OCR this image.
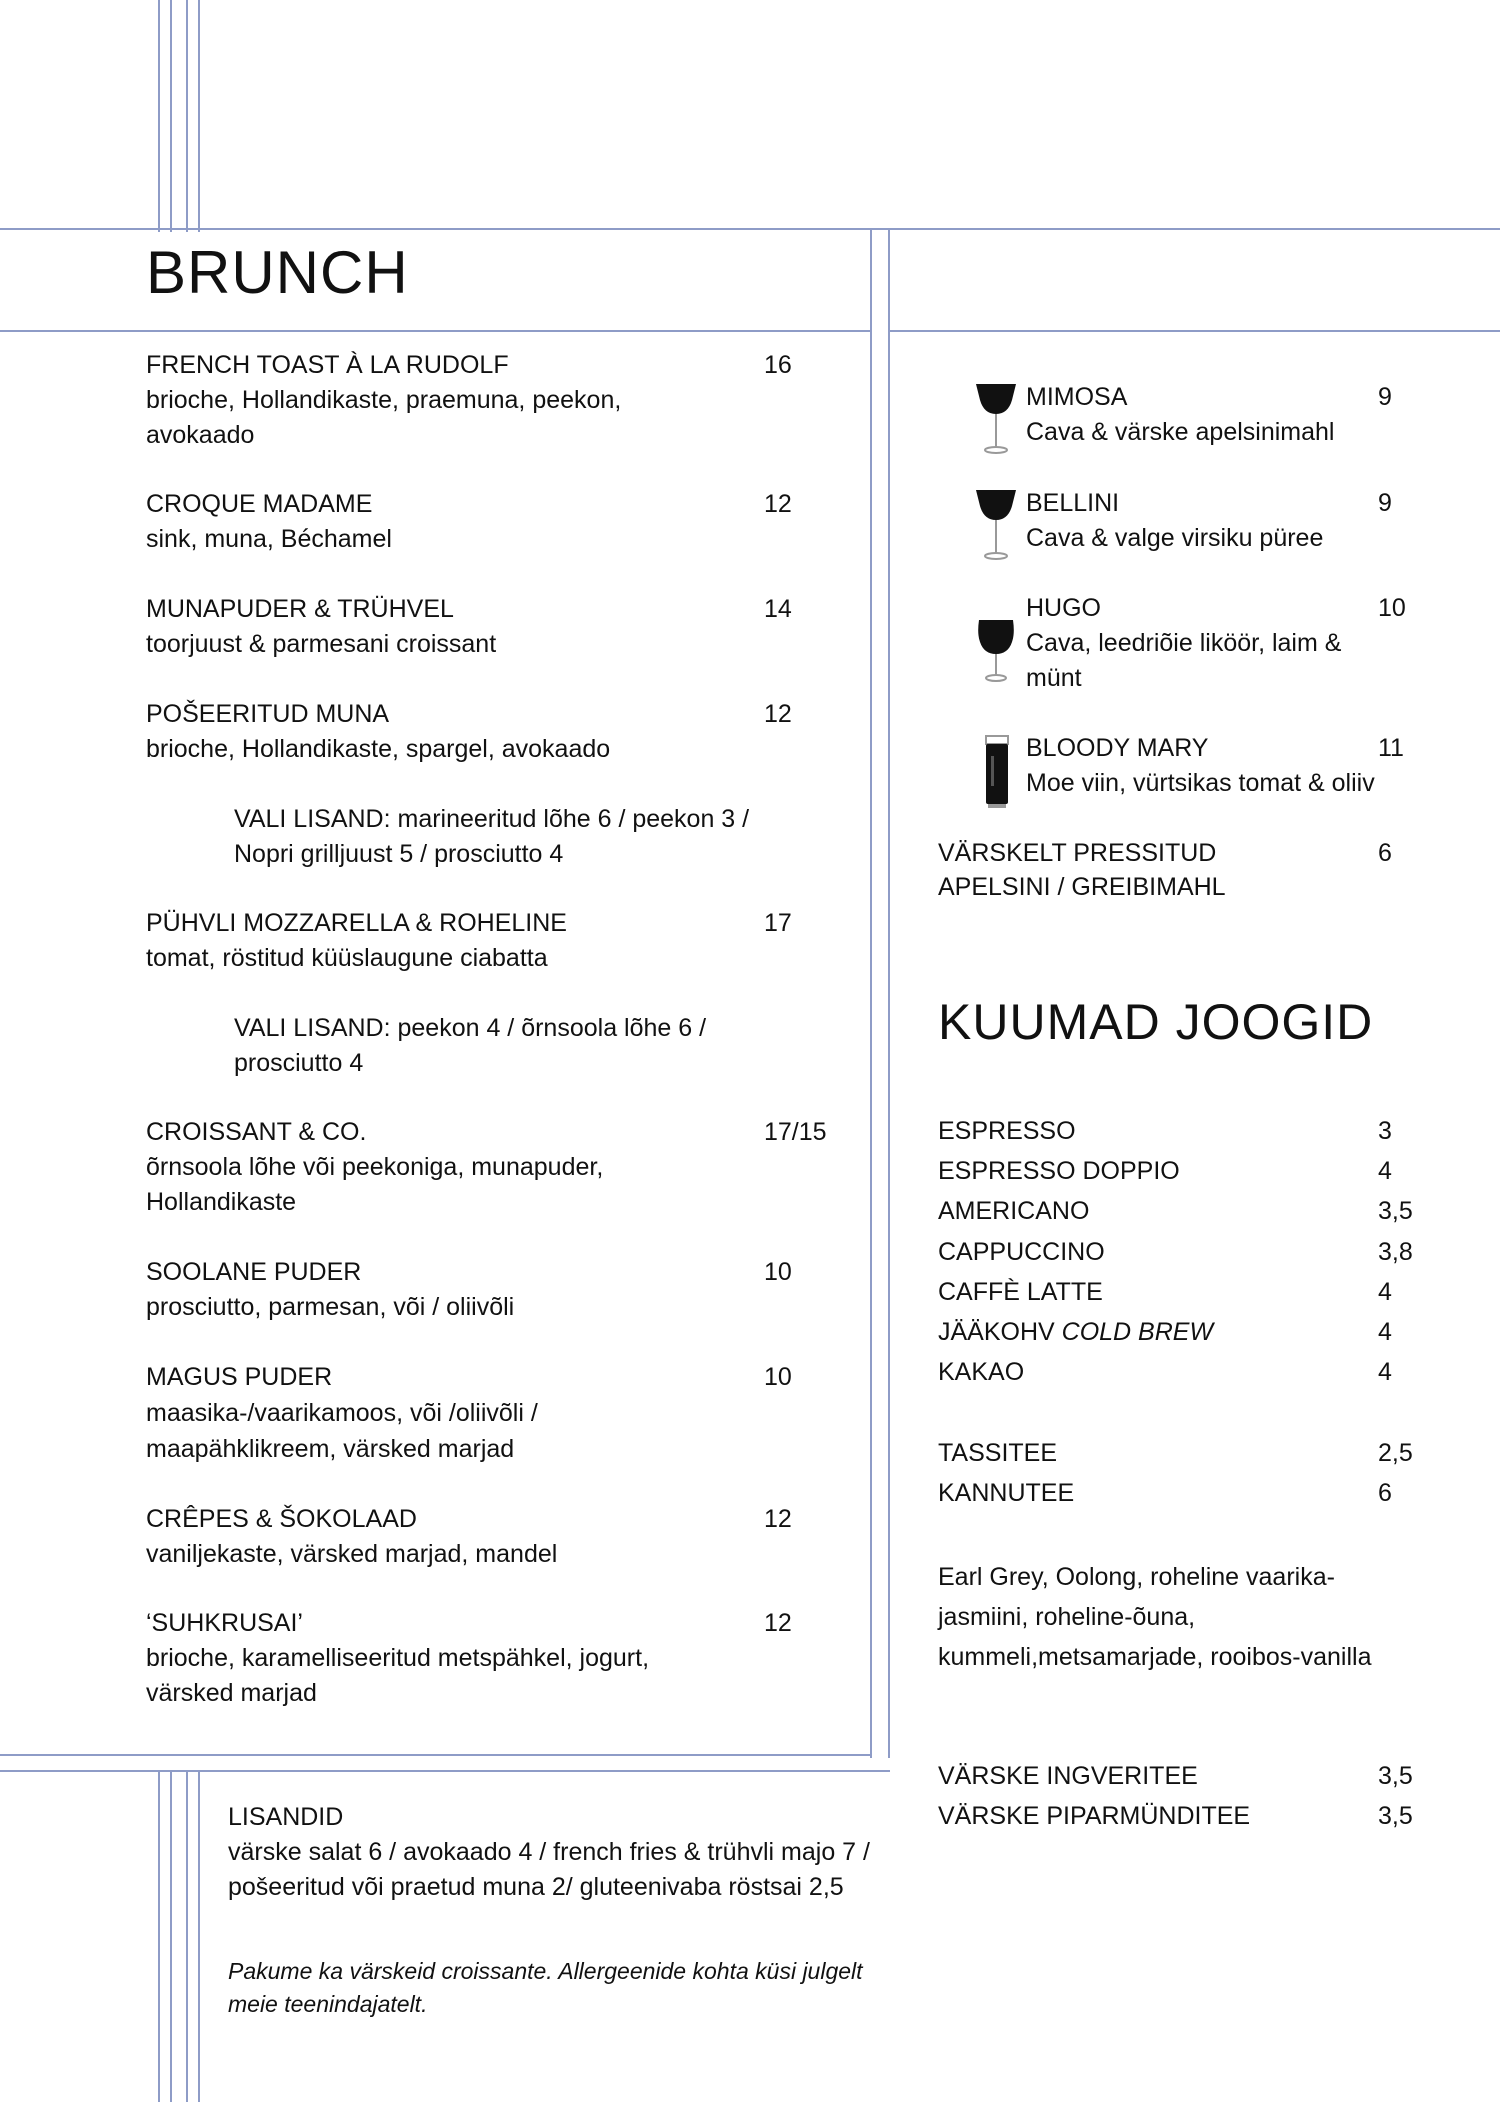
BRUNCH
FRENCH TOAST À LA RUDOLF	16
brioche, Hollandikaste, praemuna, peekon, avokaado
CROQUE MADAME	12
sink, muna, Béchamel
MUNAPUDER & TRÜHVEL	14
toorjuust & parmesani croissant
POŠEERITUD MUNA	12
brioche, Hollandikaste, spargel, avokaado
VALI LISAND: marineeritud lõhe 6 / peekon 3 / Nopri grilljuust 5 / prosciutto 4
PÜHVLI MOZZARELLA & ROHELINE	17
tomat, röstitud küüslaugune ciabatta
VALI LISAND: peekon 4 / õrnsoola lõhe 6 / prosciutto 4
CROISSANT & CO.	17/15
õrnsoola lõhe või peekoniga, munapuder, Hollandikaste
SOOLANE PUDER	10
prosciutto, parmesan, või / oliivõli
MAGUS PUDER	10
maasika-/vaarikamoos, või /oliivõli / maapähklikreem, värsked marjad
CRÊPES & ŠOKOLAAD	12
vaniljekaste, värsked marjad, mandel
‘SUHKRUSAI’	12
brioche, karamelliseeritud metspähkel, jogurt, värsked marjad
MIMOSA	9
Cava & värske apelsinimahl
BELLINI	9
Cava & valge virsiku püree
HUGO	10
Cava, leedriõie liköör, laim & münt
BLOODY MARY	11
Moe viin, vürtsikas tomat & oliiv
VÄRSKELT PRESSITUD	6
APELSINI / GREIBIMAHL
KUUMAD JOOGID
ESPRESSO	3
ESPRESSO DOPPIO	4
AMERICANO	3,5
CAPPUCCINO	3,8
CAFFÈ LATTE	4
JÄÄKOHV COLD BREW	4
KAKAO	4
TASSITEE	2,5
KANNUTEE	6
Earl Grey, Oolong, roheline vaarika-jasmiini, roheline-õuna, kummeli,metsamarjade, rooibos-vanilla
VÄRSKE INGVERITEE	3,5
VÄRSKE PIPARMÜNDITEE	3,5
LISANDID
värske salat 6 / avokaado 4 / french fries & trühvli majo 7 / pošeeritud või praetud muna 2/ gluteenivaba röstsai 2,5
Pakume ka värskeid croissante. Allergeenide kohta küsi julgelt meie teenindajatelt.
